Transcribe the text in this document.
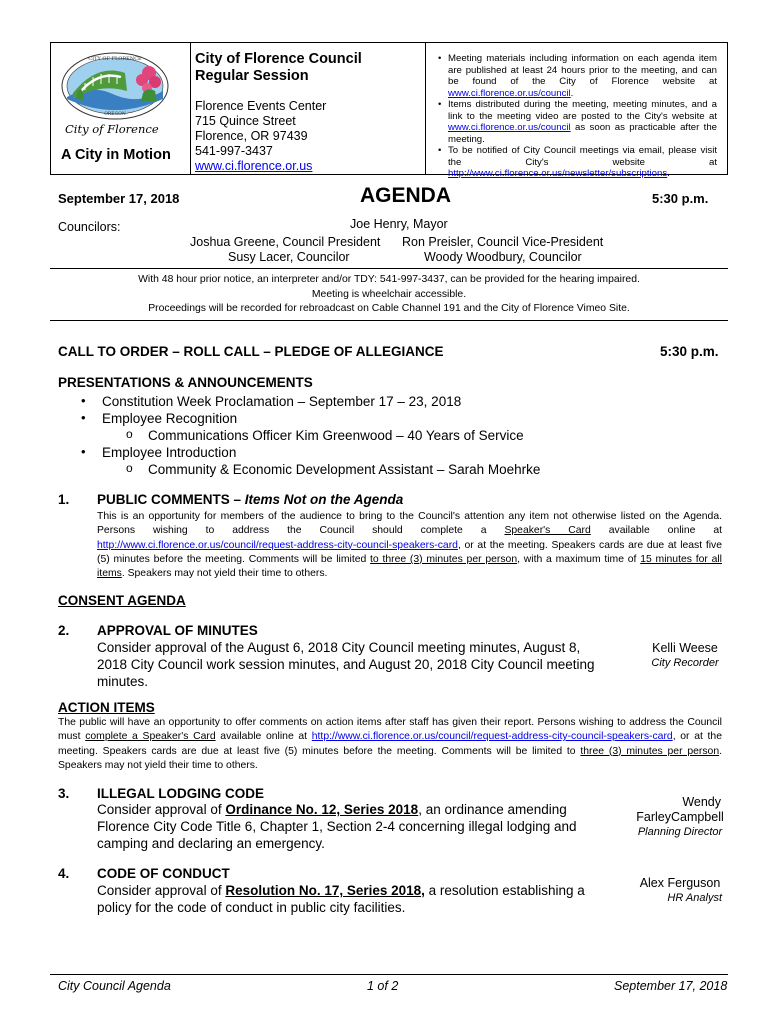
CITY OF FLORENCE
OREGON
City of Florence
A City in Motion
City of Florence Council
Regular Session
Florence Events Center
715 Quince Street
Florence, OR 97439
541-997-3437
www.ci.florence.or.us
• Meeting materials including information on each agenda item are published at least 24 hours prior to the meeting, and can be found of the City of Florence website at www.ci.florence.or.us/council.
• Items distributed during the meeting, meeting minutes, and a link to the meeting video are posted to the City's website at www.ci.florence.or.us/council as soon as practicable after the meeting.
• To be notified of City Council meetings via email, please visit the City's website at http://www.ci.florence.or.us/newsletter/subscriptions.
September 17, 2018	AGENDA	5:30 p.m.
Councilors:	Joe Henry, Mayor
Joshua Greene, Council President Ron Preisler, Council Vice-President
Susy Lacer, Councilor	Woody Woodbury, Councilor
With 48 hour prior notice, an interpreter and/or TDY: 541-997-3437, can be provided for the hearing impaired.
Meeting is wheelchair accessible.
Proceedings will be recorded for rebroadcast on Cable Channel 191 and the City of Florence Vimeo Site.
CALL TO ORDER – ROLL CALL – PLEDGE OF ALLEGIANCE	5:30 p.m.
PRESENTATIONS & ANNOUNCEMENTS
• Constitution Week Proclamation – September 17 – 23, 2018
• Employee Recognition
o Communications Officer Kim Greenwood – 40 Years of Service
• Employee Introduction
o Community & Economic Development Assistant – Sarah Moehrke
1. PUBLIC COMMENTS – Items Not on the Agenda
This is an opportunity for members of the audience to bring to the Council's attention any item not otherwise listed on the Agenda. Persons wishing to address the Council should complete a Speaker's Card available online at http://www.ci.florence.or.us/council/request-address-city-council-speakers-card, or at the meeting. Speakers cards are due at least five (5) minutes before the meeting. Comments will be limited to three (3) minutes per person, with a maximum time of 15 minutes for all items. Speakers may not yield their time to others.
CONSENT AGENDA
2. APPROVAL OF MINUTES
Consider approval of the August 6, 2018 City Council meeting minutes, August 8,
2018 City Council work session minutes, and August 20, 2018 City Council meeting
minutes.
Kelli Weese
City Recorder
ACTION ITEMS
The public will have an opportunity to offer comments on action items after staff has given their report. Persons wishing to address the Council must complete a Speaker's Card available online at http://www.ci.florence.or.us/council/request-address-city-council-speakers-card, or at the meeting. Speakers cards are due at least five (5) minutes before the meeting. Comments will be limited to three (3) minutes per person. Speakers may not yield their time to others.
3. ILLEGAL LODGING CODE
Consider approval of Ordinance No. 12, Series 2018, an ordinance amending
Florence City Code Title 6, Chapter 1, Section 2-4 concerning illegal lodging and
camping and declaring an emergency.
Wendy
FarleyCampbell
Planning Director
4. CODE OF CONDUCT
Consider approval of Resolution No. 17, Series 2018, a resolution establishing a
policy for the code of conduct in public city facilities.
Alex Ferguson
HR Analyst
City Council Agenda	1 of 2	September 17, 2018
